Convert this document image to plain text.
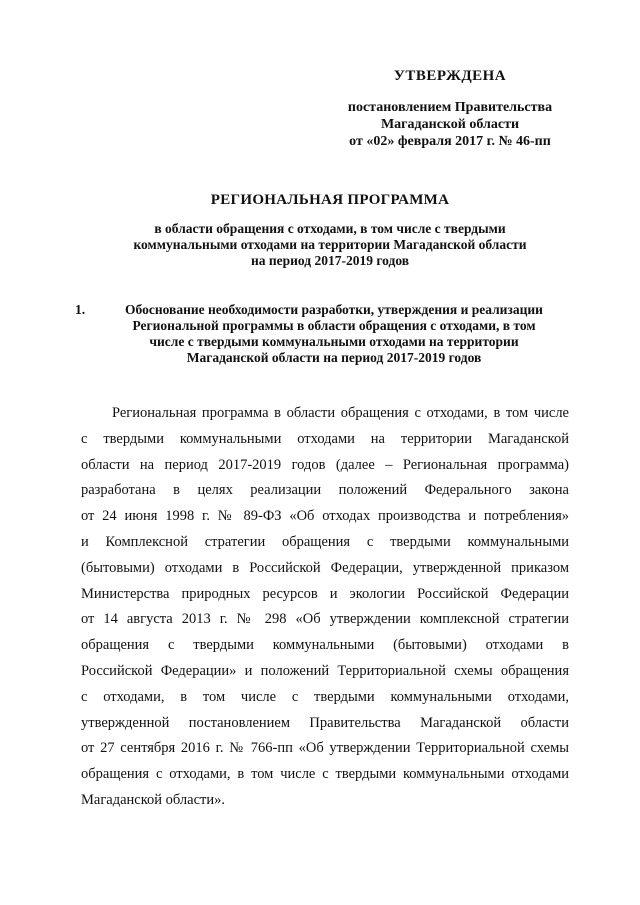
УТВЕРЖДЕНА
постановлением Правительства
Магаданской области
от «02» февраля 2017 г. № 46-пп
РЕГИОНАЛЬНАЯ ПРОГРАММА
в области обращения с отходами, в том числе с твердыми
коммунальными отходами на территории Магаданской области
на период 2017-2019 годов
1.	Обоснование необходимости разработки, утверждения и реализации
Региональной программы в области обращения с отходами, в том
числе с твердыми коммунальными отходами на территории
Магаданской области на период 2017-2019 годов
Региональная программа в области обращения с отходами, в том числе
с твердыми коммунальными отходами на территории Магаданской
области на период 2017-2019 годов (далее – Региональная программа)
разработана в целях реализации положений Федерального закона
от 24 июня 1998 г. № 89-ФЗ «Об отходах производства и потребления»
и Комплексной стратегии обращения с твердыми коммунальными
(бытовыми) отходами в Российской Федерации, утвержденной приказом
Министерства природных ресурсов и экологии Российской Федерации
от 14 августа 2013 г. № 298 «Об утверждении комплексной стратегии
обращения с твердыми коммунальными (бытовыми) отходами в
Российской Федерации» и положений Территориальной схемы обращения
с отходами, в том числе с твердыми коммунальными отходами,
утвержденной постановлением Правительства Магаданской области
от 27 сентября 2016 г. № 766-пп «Об утверждении Территориальной схемы
обращения с отходами, в том числе с твердыми коммунальными отходами
Магаданской области».
